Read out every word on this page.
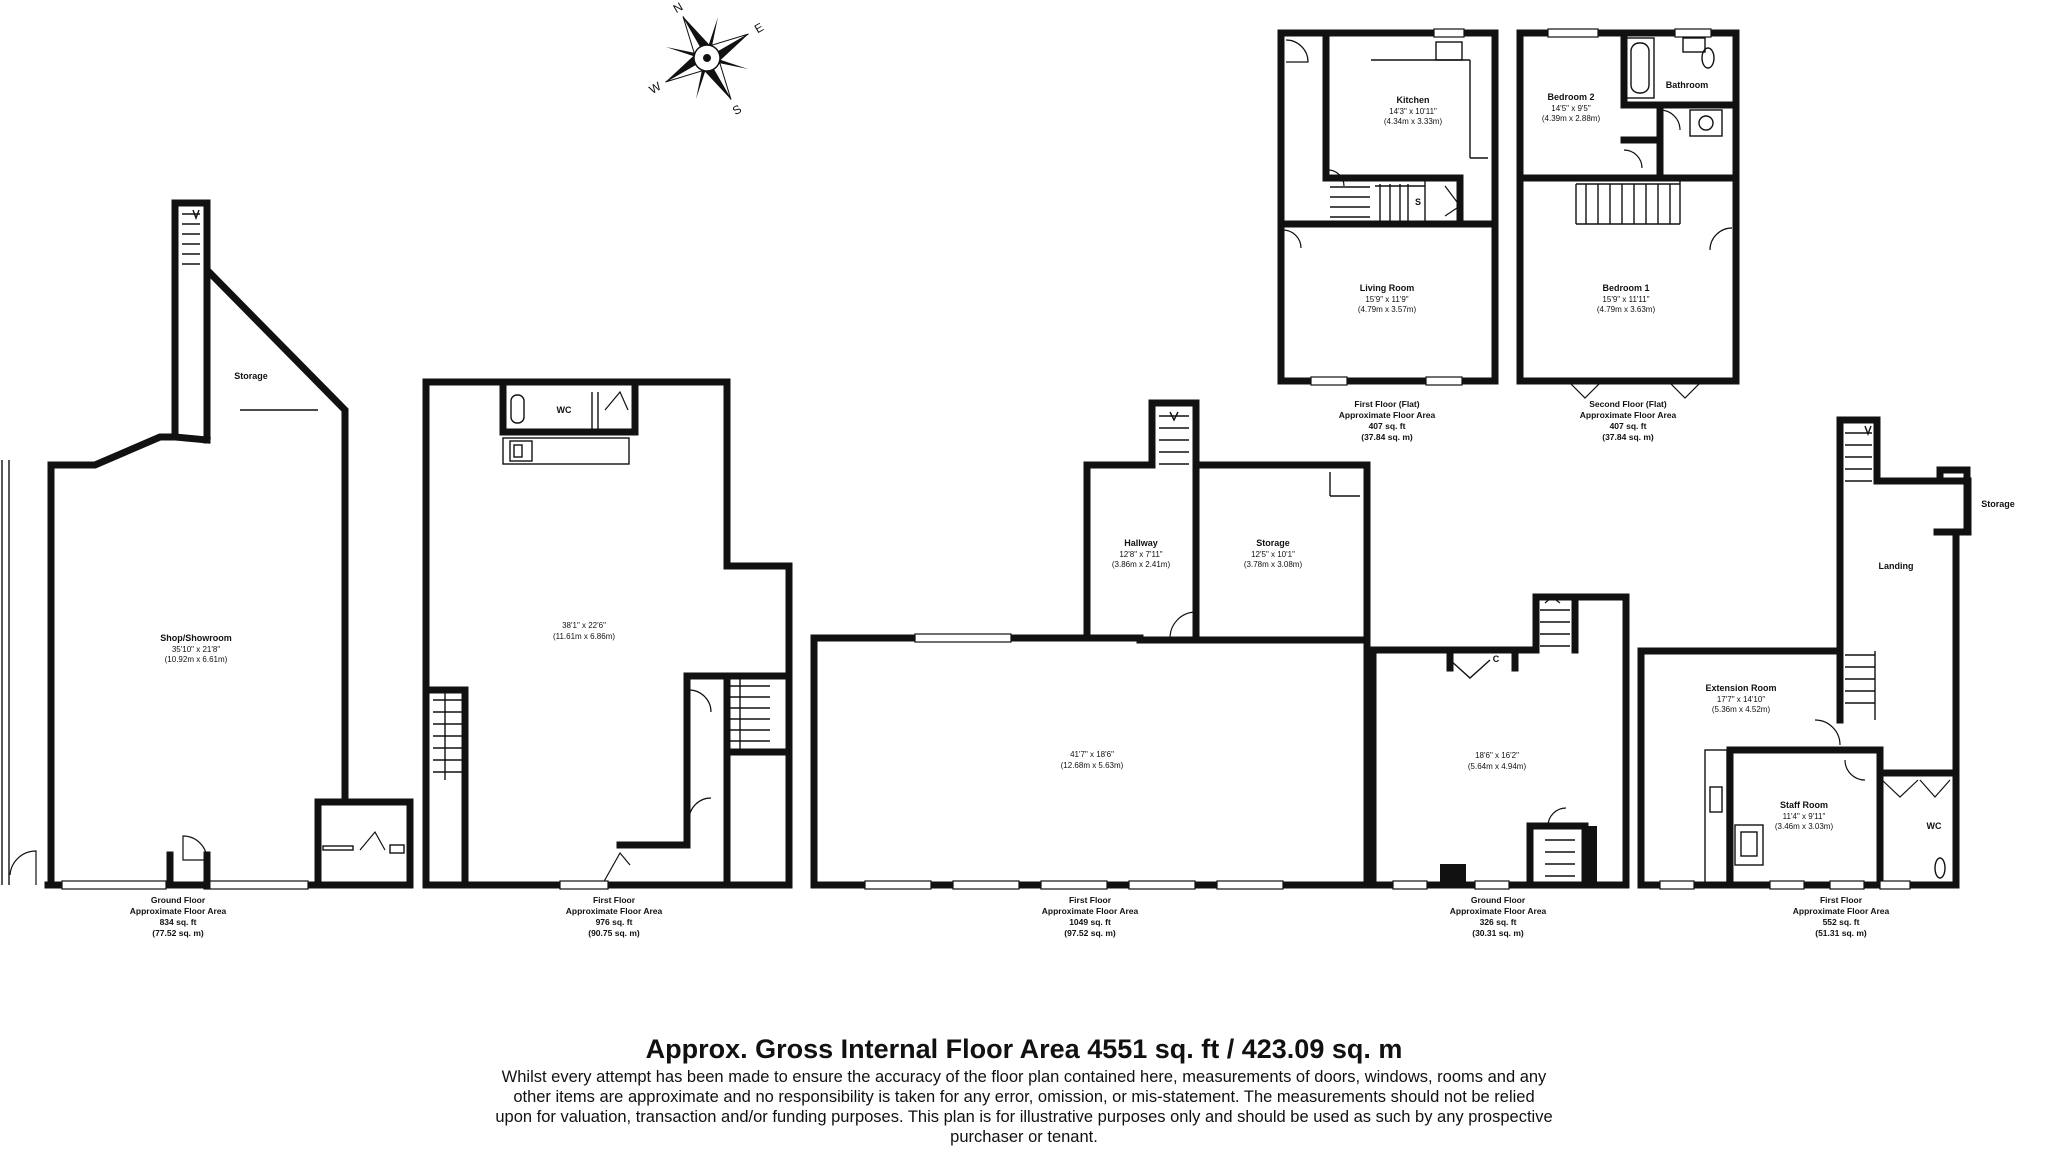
N
E
S
W
Storage
Shop/Showroom
35'10" x 21'8"
(10.92m x 6.61m)
Ground Floor
Approximate Floor Area
834 sq. ft
(77.52 sq. m)
WC
38'1" x 22'6"
(11.61m x 6.86m)
First Floor
Approximate Floor Area
976 sq. ft
(90.75 sq. m)
Hallway
12'8" x 7'11"
(3.86m x 2.41m)
Storage
12'5" x 10'1"
(3.78m x 3.08m)
41'7" x 18'6"
(12.68m x 5.63m)
First Floor
Approximate Floor Area
1049 sq. ft
(97.52 sq. m)
C
18'6" x 16'2"
(5.64m x 4.94m)
Ground Floor
Approximate Floor Area
326 sq. ft
(30.31 sq. m)
Storage
Landing
Extension Room
17'7" x 14'10"
(5.36m x 4.52m)
Staff Room
11'4" x 9'11"
(3.46m x 3.03m)	WC
First Floor
Approximate Floor Area
552 sq. ft
(51.31 sq. m)
Kitchen
14'3" x 10'11"
(4.34m x 3.33m)
S
Living Room
15'9" x 11'9"
(4.79m x 3.57m)
First Floor (Flat)
Approximate Floor Area
407 sq. ft
(37.84 sq. m)
Bedroom 2
14'5" x 9'5"
(4.39m x 2.88m)
Bathroom
Bedroom 1
15'9" x 11'11"
(4.79m x 3.63m)
Second Floor (Flat)
Approximate Floor Area
407 sq. ft
(37.84 sq. m)
Approx. Gross Internal Floor Area 4551 sq. ft / 423.09 sq. m
Whilst every attempt has been made to ensure the accuracy of the floor plan contained here, measurements of doors, windows, rooms and any other items are approximate and no responsibility is taken for any error, omission, or mis-statement. The measurements should not be relied upon for valuation, transaction and/or funding purposes. This plan is for illustrative purposes only and should be used as such by any prospective purchaser or tenant.
